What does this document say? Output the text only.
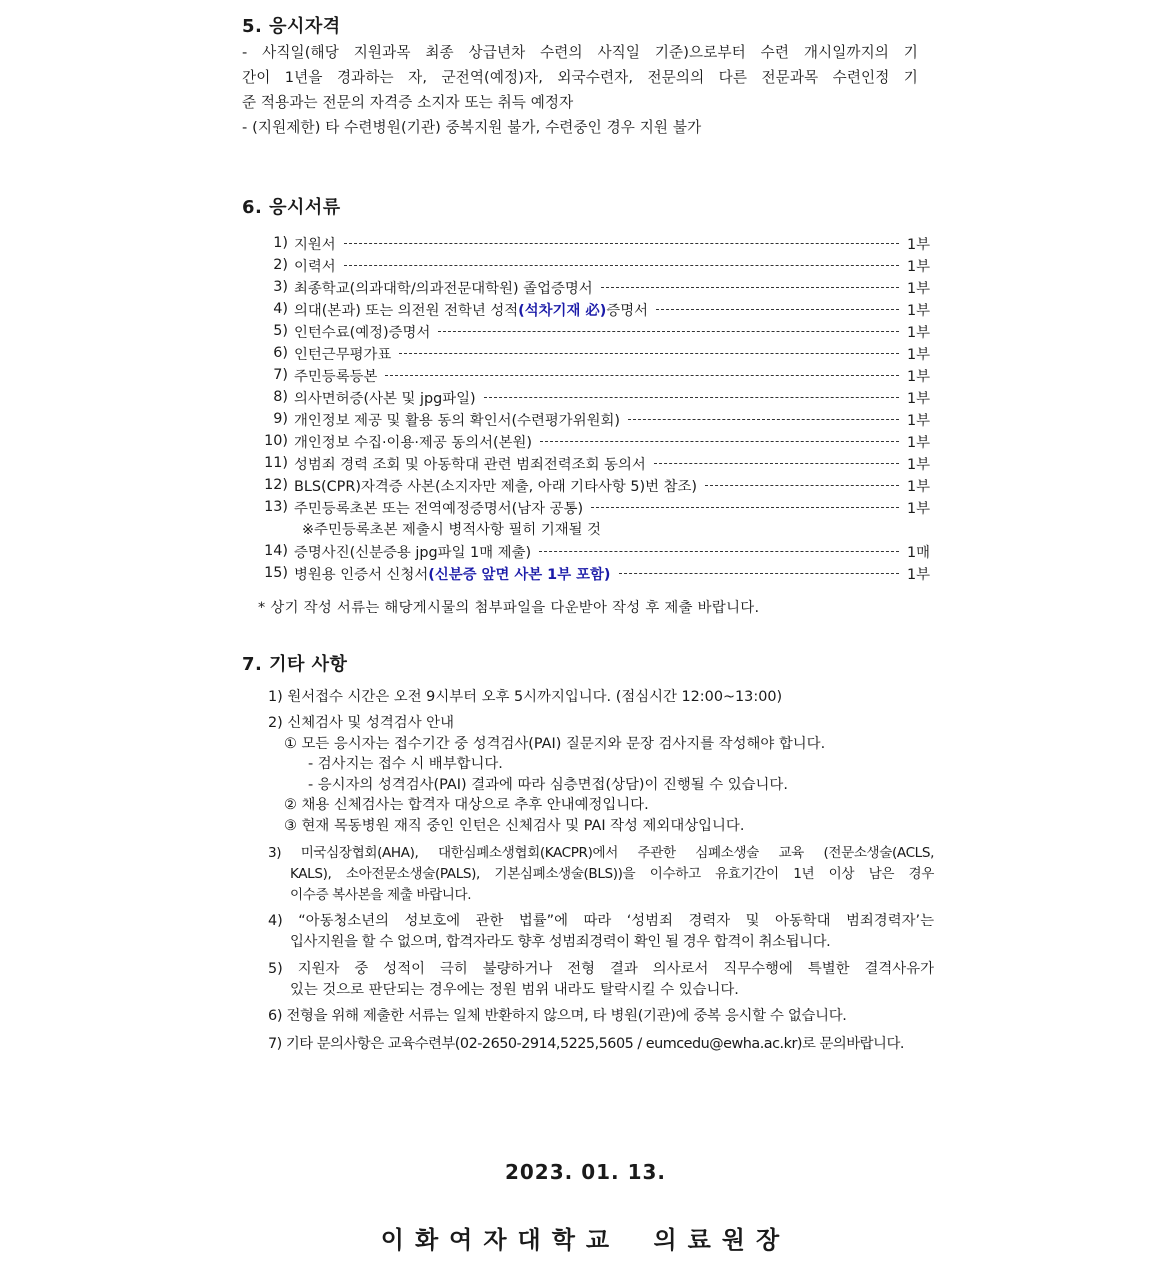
5. 응시자격
- 사직일(해당 지원과목 최종 상급년차 수련의 사직일 기준)으로부터 수련 개시일까지의 기
간이 1년을 경과하는 자, 군전역(예정)자, 외국수련자, 전문의의 다른 전문과목 수련인정 기
준 적용과는 전문의 자격증 소지자 또는 취득 예정자
- (지원제한) 타 수련병원(기관) 중복지원 불가, 수련중인 경우 지원 불가
6. 응시서류
1) 지원서	1부
2) 이력서	1부
3) 최종학교(의과대학/의과전문대학원) 졸업증명서	1부
4) 의대(본과) 또는 의전원 전학년 성적(석차기재 必)증명서	1부
5) 인턴수료(예정)증명서	1부
6) 인턴근무평가표	1부
7) 주민등록등본	1부
8) 의사면허증(사본 및 jpg파일)	1부
9) 개인정보 제공 및 활용 동의 확인서(수련평가위원회)	1부
10) 개인정보 수집·이용·제공 동의서(본원)	1부
11) 성범죄 경력 조회 및 아동학대 관련 범죄전력조회 동의서	1부
12) BLS(CPR)자격증 사본(소지자만 제출, 아래 기타사항 5)번 참조)	1부
13) 주민등록초본 또는 전역예정증명서(남자 공통)	1부
※주민등록초본 제출시 병적사항 필히 기재될 것
14) 증명사진(신분증용 jpg파일 1매 제출)	1매
15) 병원용 인증서 신청서(신분증 앞면 사본 1부 포함)	1부
* 상기 작성 서류는 해당게시물의 첨부파일을 다운받아 작성 후 제출 바랍니다.
7. 기타 사항
1) 원서접수 시간은 오전 9시부터 오후 5시까지입니다. (점심시간 12:00~13:00)
2) 신체검사 및 성격검사 안내
① 모든 응시자는 접수기간 중 성격검사(PAI) 질문지와 문장 검사지를 작성해야 합니다.
- 검사지는 접수 시 배부합니다.
- 응시자의 성격검사(PAI) 결과에 따라 심층면접(상담)이 진행될 수 있습니다.
② 채용 신체검사는 합격자 대상으로 추후 안내예정입니다.
③ 현재 목동병원 재직 중인 인턴은 신체검사 및 PAI 작성 제외대상입니다.
3) 미국심장협회(AHA), 대한심폐소생협회(KACPR)에서 주관한 심폐소생술 교육 (전문소생술(ACLS,
KALS), 소아전문소생술(PALS), 기본심폐소생술(BLS))을 이수하고 유효기간이 1년 이상 남은 경우
이수증 복사본을 제출 바랍니다.
4) “아동청소년의 성보호에 관한 법률”에 따라 ‘성범죄 경력자 및 아동학대 범죄경력자’는
입사지원을 할 수 없으며, 합격자라도 향후 성범죄경력이 확인 될 경우 합격이 취소됩니다.
5) 지원자 중 성적이 극히 불량하거나 전형 결과 의사로서 직무수행에 특별한 결격사유가
있는 것으로 판단되는 경우에는 정원 범위 내라도 탈락시킬 수 있습니다.
6) 전형을 위해 제출한 서류는 일체 반환하지 않으며, 타 병원(기관)에 중복 응시할 수 없습니다.
7) 기타 문의사항은 교육수련부(02-2650-2914,5225,5605 / eumcedu@ewha.ac.kr)로 문의바랍니다.
2023. 01. 13.
이화여자대학교 의료원장
